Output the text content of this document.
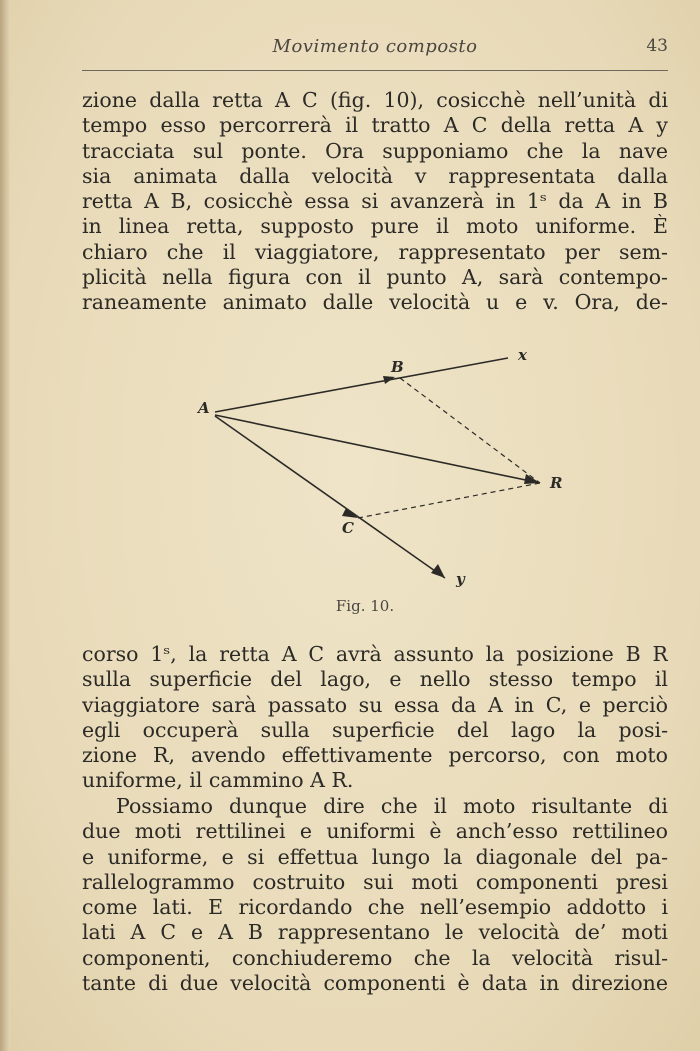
Movimento composto	43
zione dalla retta A C (fig. 10), cosicchè nell’unità di
tempo esso percorrerà il tratto A C della retta A y
tracciata sul ponte. Ora supponiamo che la nave
sia animata dalla velocità v rappresentata dalla
retta A B, cosicchè essa si avanzerà in 1ˢ da A in B
in linea retta, supposto pure il moto uniforme. È
chiaro che il viaggiatore, rappresentato per sem-
plicità nella figura con il punto A, sarà contempo-
raneamente animato dalle velocità u e v. Ora, de-
A
B
C
R
x
y
Fig. 10.
corso 1ˢ, la retta A C avrà assunto la posizione B R
sulla superficie del lago, e nello stesso tempo il
viaggiatore sarà passato su essa da A in C, e perciò
egli occuperà sulla superficie del lago la posi-
zione R, avendo effettivamente percorso, con moto
uniforme, il cammino A R.
Possiamo dunque dire che il moto risultante di
due moti rettilinei e uniformi è anch’esso rettilineo
e uniforme, e si effettua lungo la diagonale del pa-
rallelogrammo costruito sui moti componenti presi
come lati. E ricordando che nell’esempio addotto i
lati A C e A B rappresentano le velocità de’ moti
componenti, conchiuderemo che la velocità risul-
tante di due velocità componenti è data in direzione
